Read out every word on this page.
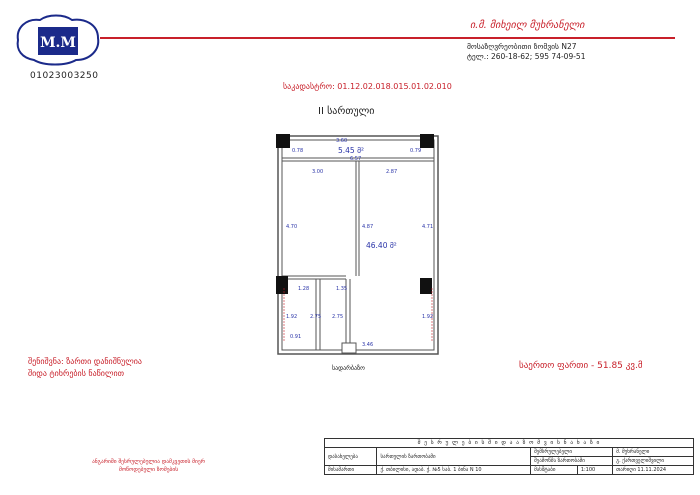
M.M
01023003250
ი.მ. მიხეილ მუხრანელი
მოსაზღვრეობითი ზომვის N27
ტელ.: 260-18-62; 595 74-09-51
საკადასტრო: 01.12.02.018.015.01.02.010
II სართული
5.45 მ²
46.40 მ²
3.60
0.78	0.79
6.57
3.00	2.87
4.70	4.87	4.71
1.28	1.35
1.92	2.75 2.75	1.92
0.91
3.46
სადარბაზო
შენიშვნა: ზართი დანიშნულია
შიდა ტიხრების ნაწილით
საერთო ფართი - 51.85 კვ.მ
ანგარიში შესრულებულია დამკვეთის მიერ
მოწოდებული ზომების
შ ე ს რ უ ლ ე ბ ი ს შ ი დ ა ა ზ ო მ ვ ი ს ნ ა ხ ა ზ ი				
დასახელება	სართულის ზართობამი	შემსრულებელი		მ. მუხრანელი
		შეამოწმა ზართობამი		გ. ქართველიშვილი
მისამართი	ქ. თბილისი, ადაბ. ქ. №5 საბ. 1 ბინა N 10	მასშტაბი	1:100	თარიღი 11.11.2024
